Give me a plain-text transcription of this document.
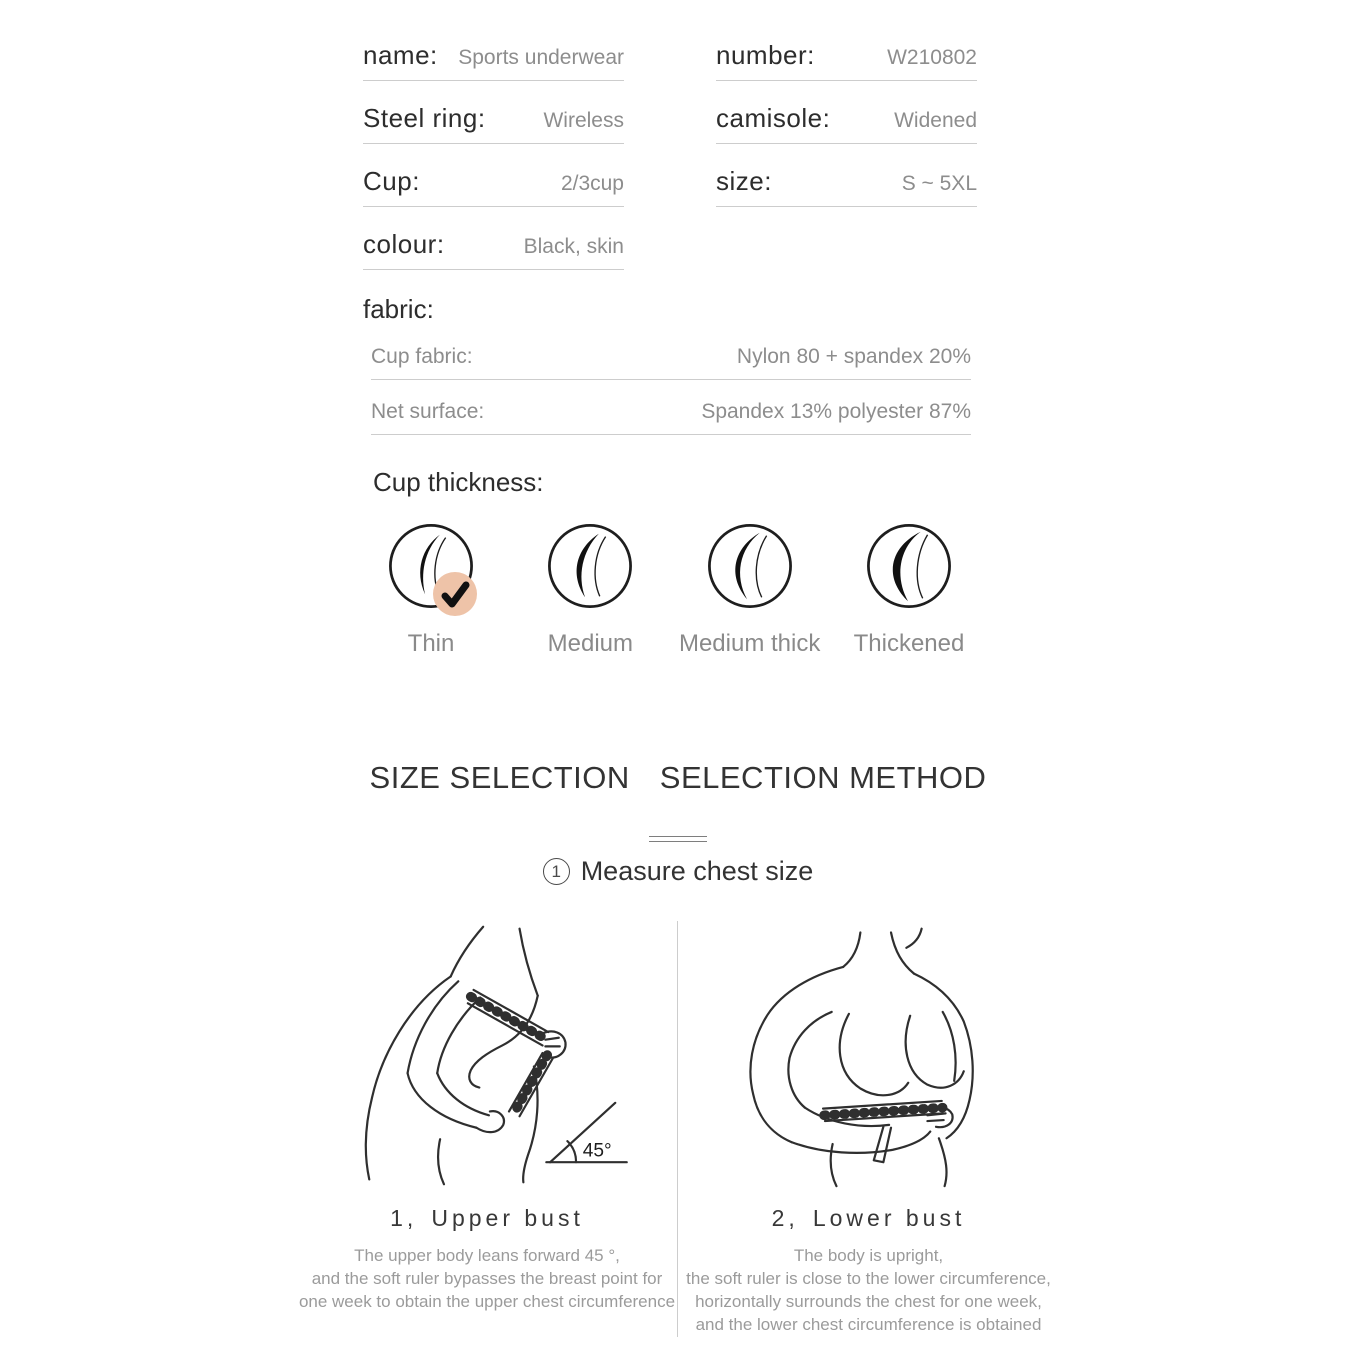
name: Sports underwear	number:	W210802
Steel ring:	Wireless	camisole:	Widened
Cup:	2/3cup	size:	S ~ 5XL
colour:	Black, skin
fabric:
Cup fabric:	Nylon 80 + spandex 20%
Net surface:	Spandex 13% polyester 87%
Cup thickness:
Thin	Medium Medium thick Thickened
SIZE SELECTION SELECTION METHOD
1 Measure chest size
45°
1, Upper bust
The upper body leans forward 45 °,
and the soft ruler bypasses the breast point for
one week to obtain the upper chest circumference
2, Lower bust
The body is upright,
the soft ruler is close to the lower circumference,
horizontally surrounds the chest for one week,
and the lower chest circumference is obtained
